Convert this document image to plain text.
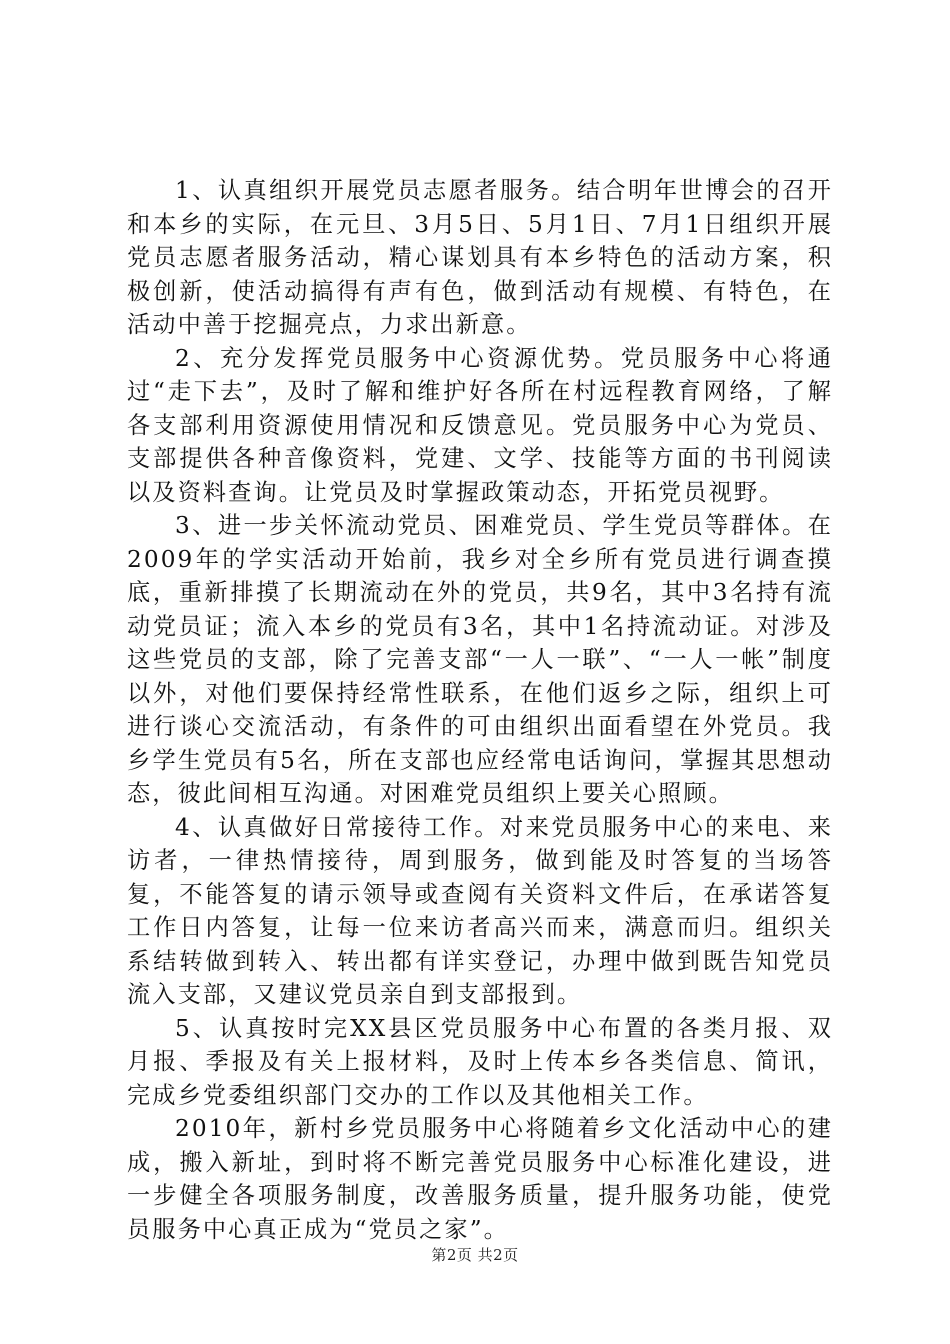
1、认真组织开展党员志愿者服务。结合明年世博会的召开和本乡的实际，在元旦、3月5日、5月1日、7月1日组织开展党员志愿者服务活动，精心谋划具有本乡特色的活动方案，积极创新，使活动搞得有声有色，做到活动有规模、有特色，在活动中善于挖掘亮点，力求出新意。

2、充分发挥党员服务中心资源优势。党员服务中心将通过“走下去”，及时了解和维护好各所在村远程教育网络，了解各支部利用资源使用情况和反馈意见。党员服务中心为党员、支部提供各种音像资料，党建、文学、技能等方面的书刊阅读以及资料查询。让党员及时掌握政策动态，开拓党员视野。

3、进一步关怀流动党员、困难党员、学生党员等群体。在2009年的学实活动开始前，我乡对全乡所有党员进行调查摸底，重新排摸了长期流动在外的党员，共9名，其中3名持有流动党员证；流入本乡的党员有3名，其中1名持流动证。对涉及这些党员的支部，除了完善支部“一人一联”、“一人一帐”制度以外，对他们要保持经常性联系，在他们返乡之际，组织上可进行谈心交流活动，有条件的可由组织出面看望在外党员。我乡学生党员有5名，所在支部也应经常电话询问，掌握其思想动态，彼此间相互沟通。对困难党员组织上要关心照顾。

4、认真做好日常接待工作。对来党员服务中心的来电、来访者，一律热情接待，周到服务，做到能及时答复的当场答复，不能答复的请示领导或查阅有关资料文件后，在承诺答复工作日内答复，让每一位来访者高兴而来，满意而归。组织关系结转做到转入、转出都有详实登记，办理中做到既告知党员流入支部，又建议党员亲自到支部报到。

5、认真按时完XX县区党员服务中心布置的各类月报、双月报、季报及有关上报材料，及时上传本乡各类信息、简讯，完成乡党委组织部门交办的工作以及其他相关工作。

2010年，新村乡党员服务中心将随着乡文化活动中心的建成，搬入新址，到时将不断完善党员服务中心标准化建设，进一步健全各项服务制度，改善服务质量，提升服务功能，使党员服务中心真正成为“党员之家”。

第2页 共2页
